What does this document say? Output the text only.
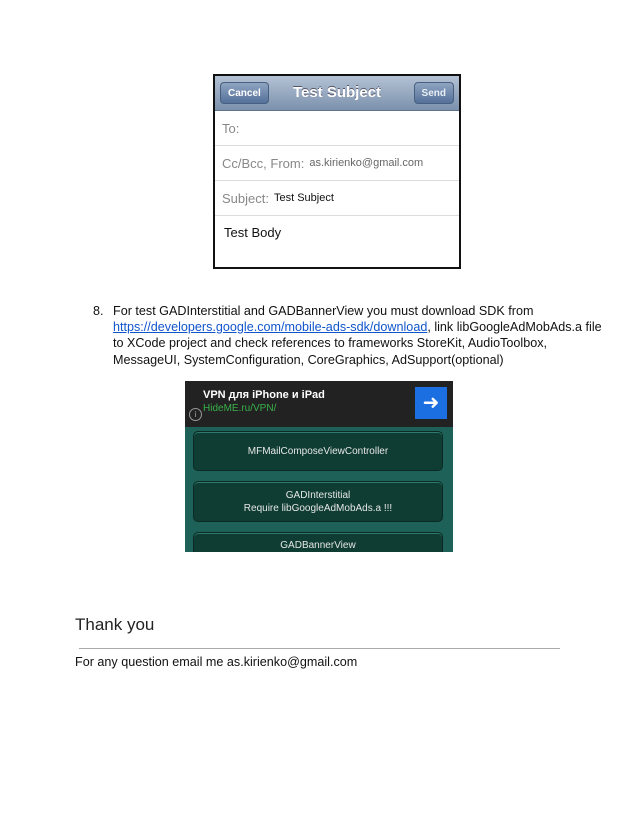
Cancel	Test Subject	Send
To:
Cc/Bcc, From: as.kirienko@gmail.com
Subject: Test Subject
Test Body
8. For test GADInterstitial and GADBannerView you must download SDK from
https://developers.google.com/mobile-ads-sdk/download, link libGoogleAdMobAds.a file to XCode project and check references to frameworks StoreKit, AudioToolbox, MessageUI, SystemConfiguration, CoreGraphics, AdSupport(optional)
VPN для iPhone и iPad
HideME.ru/VPN/
i
➜
MFMailComposeViewController
GADInterstitial
Require libGoogleAdMobAds.a !!!
GADBannerView
Thank you
For any question email me as.kirienko@gmail.com
